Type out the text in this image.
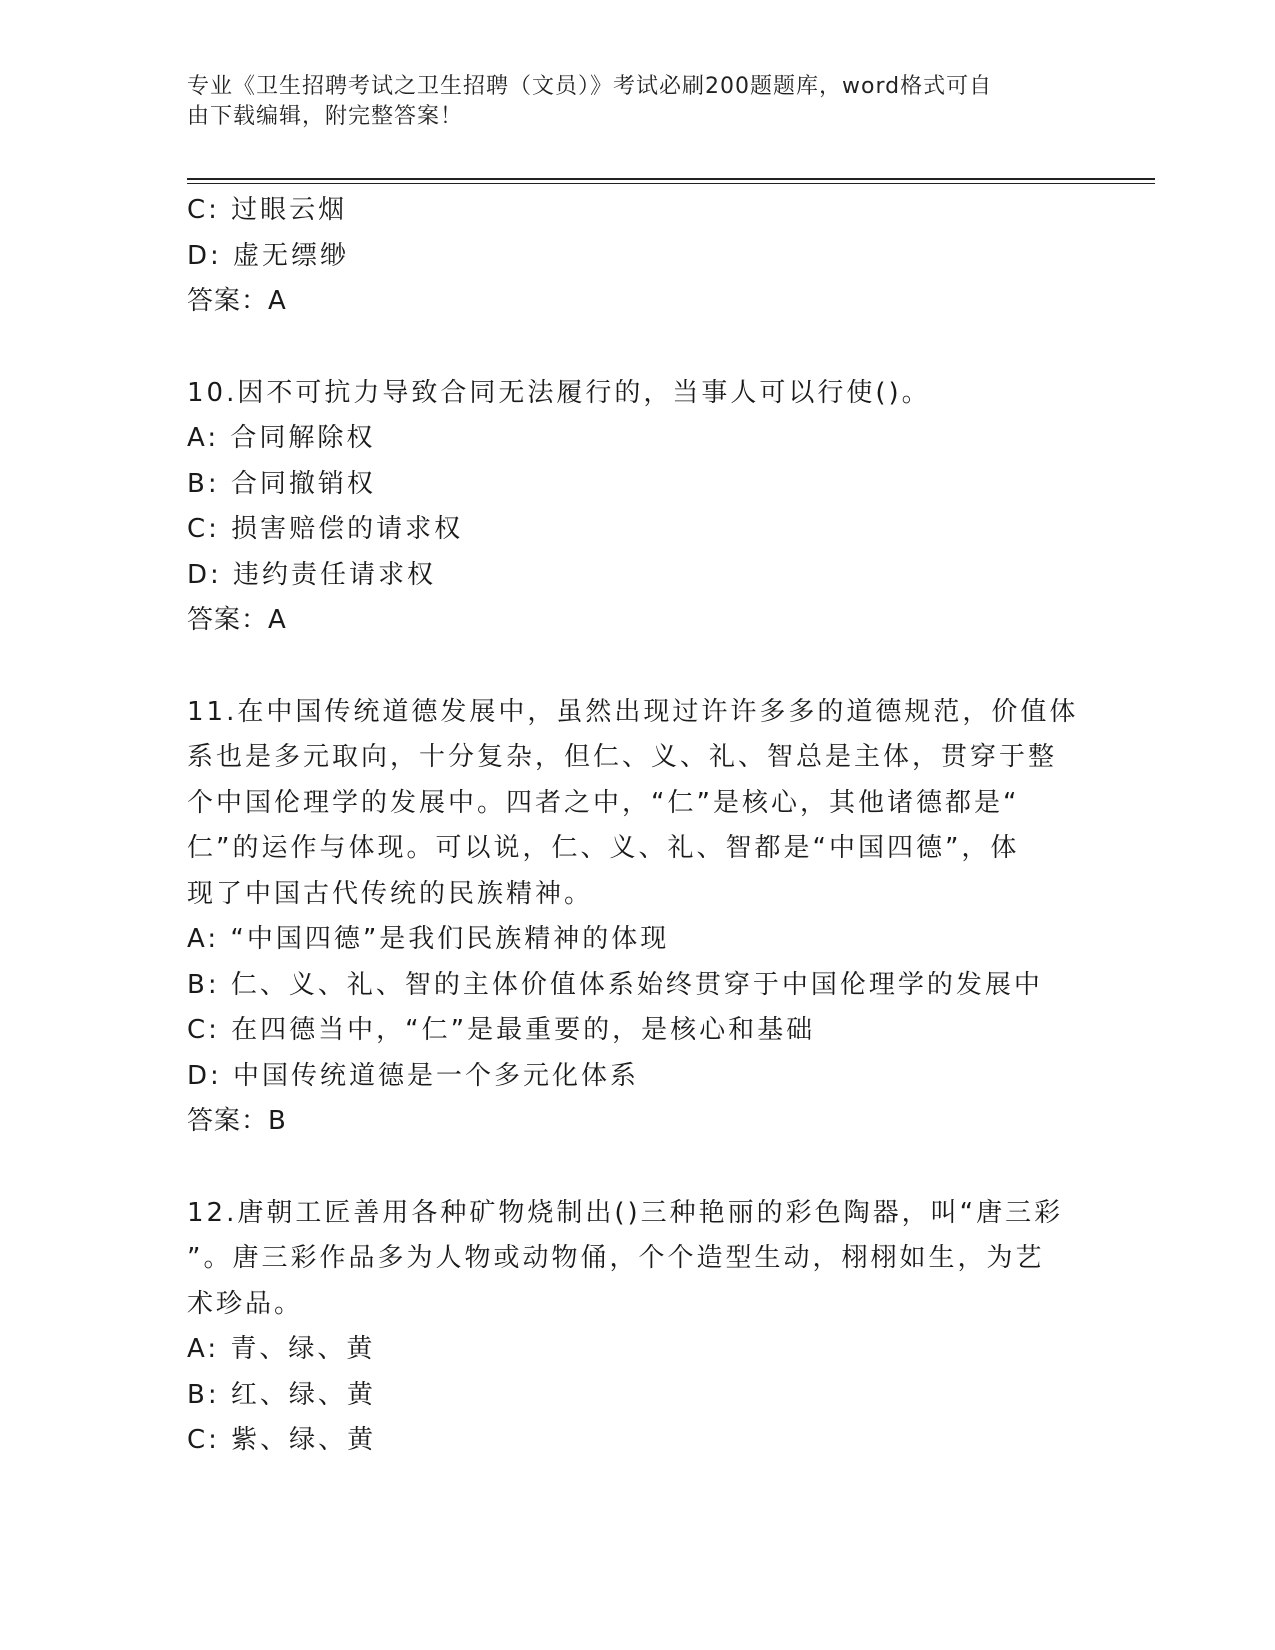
专业《卫生招聘考试之卫生招聘（文员）》考试必刷200题题库，word格式可自
由下载编辑，附完整答案！
C: 过眼云烟
D: 虚无缥缈
答案：A
10.因不可抗力导致合同无法履行的，当事人可以行使()。
A: 合同解除权
B: 合同撤销权
C: 损害赔偿的请求权
D: 违约责任请求权
答案：A
11.在中国传统道德发展中，虽然出现过许许多多的道德规范，价值体
系也是多元取向，十分复杂，但仁、义、礼、智总是主体，贯穿于整
个中国伦理学的发展中。四者之中，“仁”是核心，其他诸德都是“
仁”的运作与体现。可以说，仁、义、礼、智都是“中国四德”，体
现了中国古代传统的民族精神。
A: “中国四德”是我们民族精神的体现
B: 仁、义、礼、智的主体价值体系始终贯穿于中国伦理学的发展中
C: 在四德当中，“仁”是最重要的，是核心和基础
D: 中国传统道德是一个多元化体系
答案：B
12.唐朝工匠善用各种矿物烧制出()三种艳丽的彩色陶器，叫“唐三彩
”。唐三彩作品多为人物或动物俑，个个造型生动，栩栩如生，为艺
术珍品。
A: 青、绿、黄
B: 红、绿、黄
C: 紫、绿、黄
